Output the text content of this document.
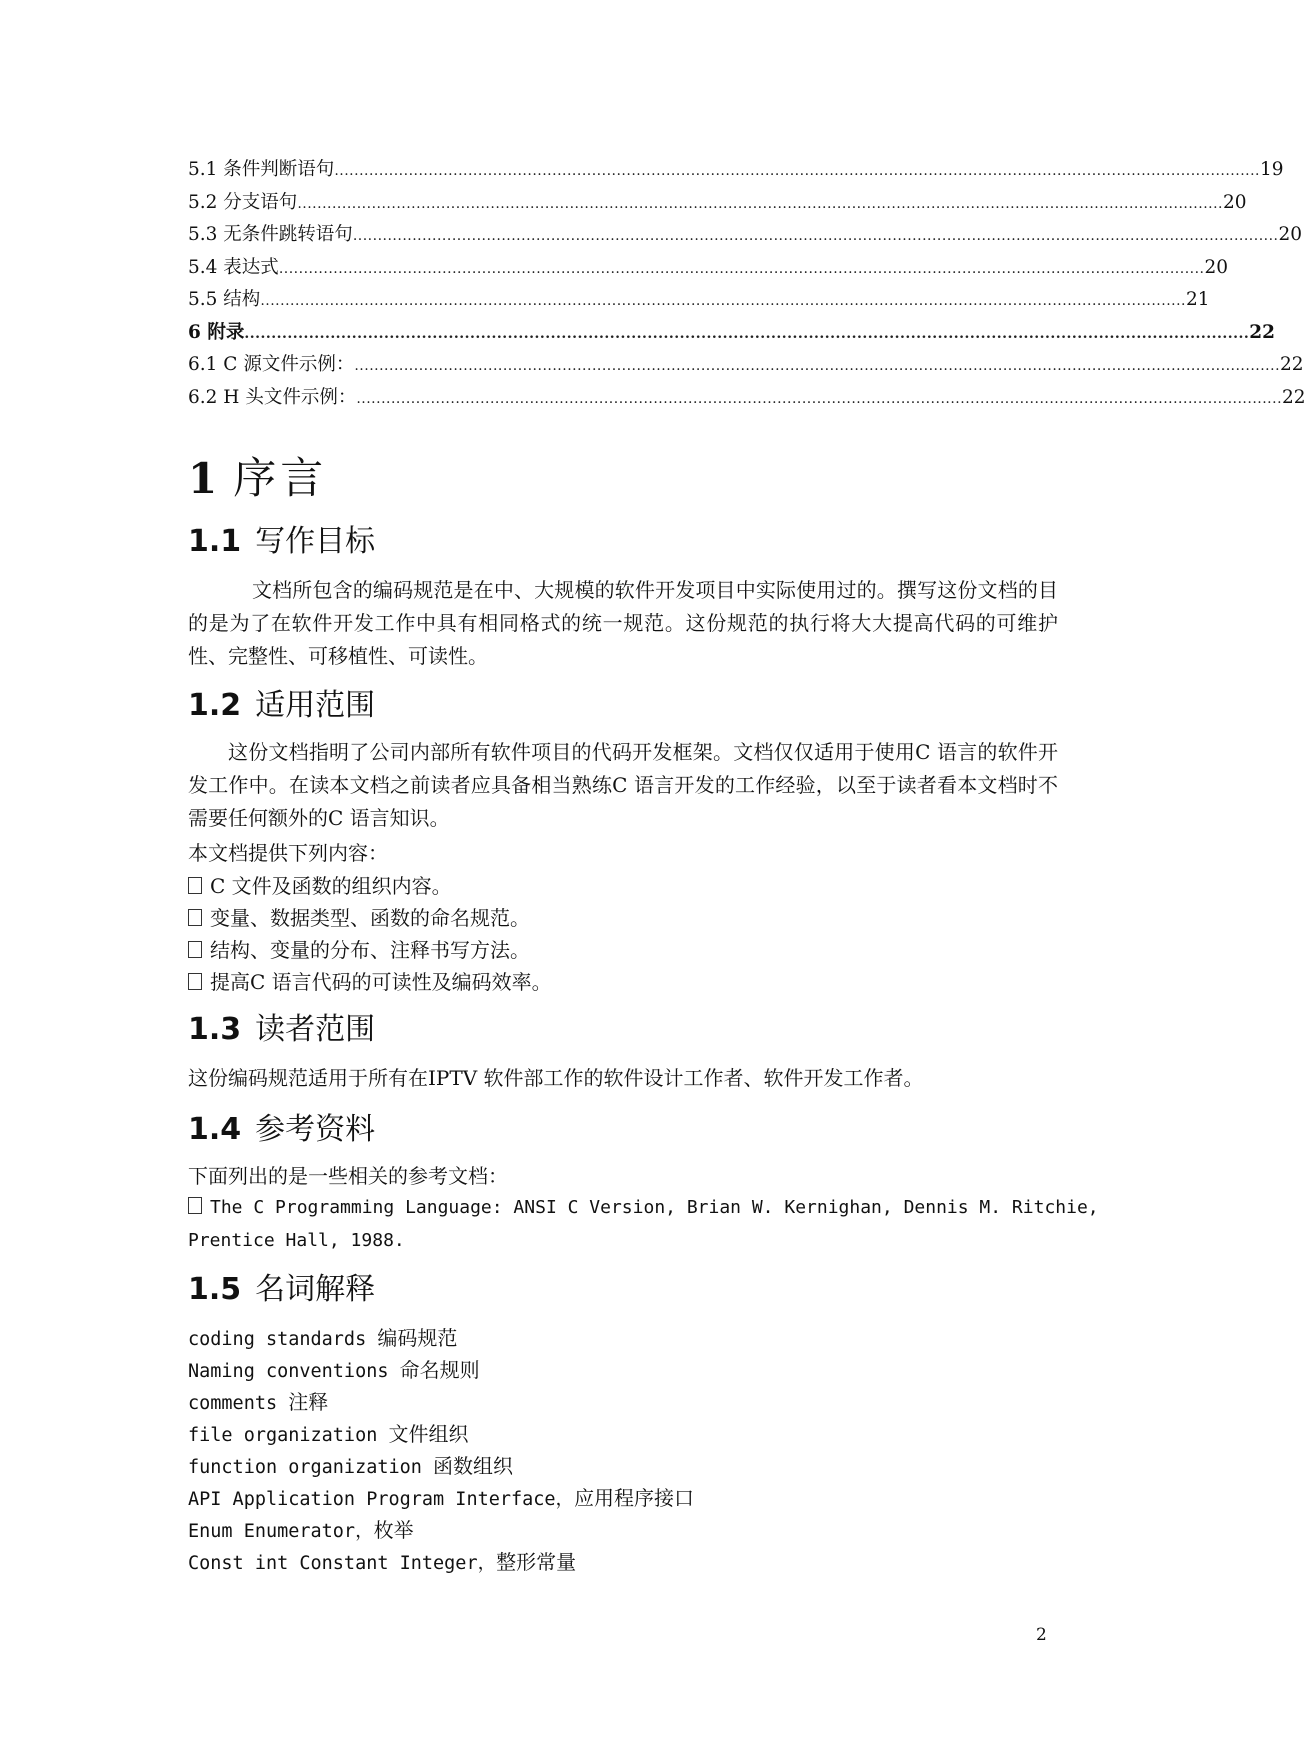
5.1 条件判断语句 ........................................................................................................................................................................................... 19
5.2 分支语句 ........................................................................................................................................................................................... 20
5.3 无条件跳转语句 ........................................................................................................................................................................................... 20
5.4 表达式 ........................................................................................................................................................................................... 20
5.5 结构 ........................................................................................................................................................................................... 21
6 附录 ........................................................................................................................................................................................... 22
6.1 C 源文件示例： ........................................................................................................................................................................................... 22
6.2 H 头文件示例： ........................................................................................................................................................................................... 22
1 序言
1.1 写作目标

文档所包含的编码规范是在中、大规模的软件开发项目中实际使用过的。撰写这份文档的目的是为了在软件开发工作中具有相同格式的统一规范。这份规范的执行将大大提高代码的可维护性、完整性、可移植性、可读性。

1.2 适用范围

这份文档指明了公司内部所有软件项目的代码开发框架。文档仅仅适用于使用C 语言的软件开发工作中。在读本文档之前读者应具备相当熟练C 语言开发的工作经验，以至于读者看本文档时不需要任何额外的C 语言知识。

本文档提供下列内容：
C 文件及函数的组织内容。
变量、数据类型、函数的命名规范。
结构、变量的分布、注释书写方法。
提高C 语言代码的可读性及编码效率。
1.3 读者范围
这份编码规范适用于所有在IPTV 软件部工作的软件设计工作者、软件开发工作者。
1.4 参考资料
下面列出的是一些相关的参考文档：
The C Programming Language: ANSI C Version, Brian W. Kernighan, Dennis M. Ritchie,
Prentice Hall, 1988.
1.5 名词解释
coding standards 编码规范
Naming conventions 命名规则
comments 注释
file organization 文件组织
function organization 函数组织
API Application Program Interface，应用程序接口
Enum Enumerator，枚举
Const int Constant Integer，整形常量
2
